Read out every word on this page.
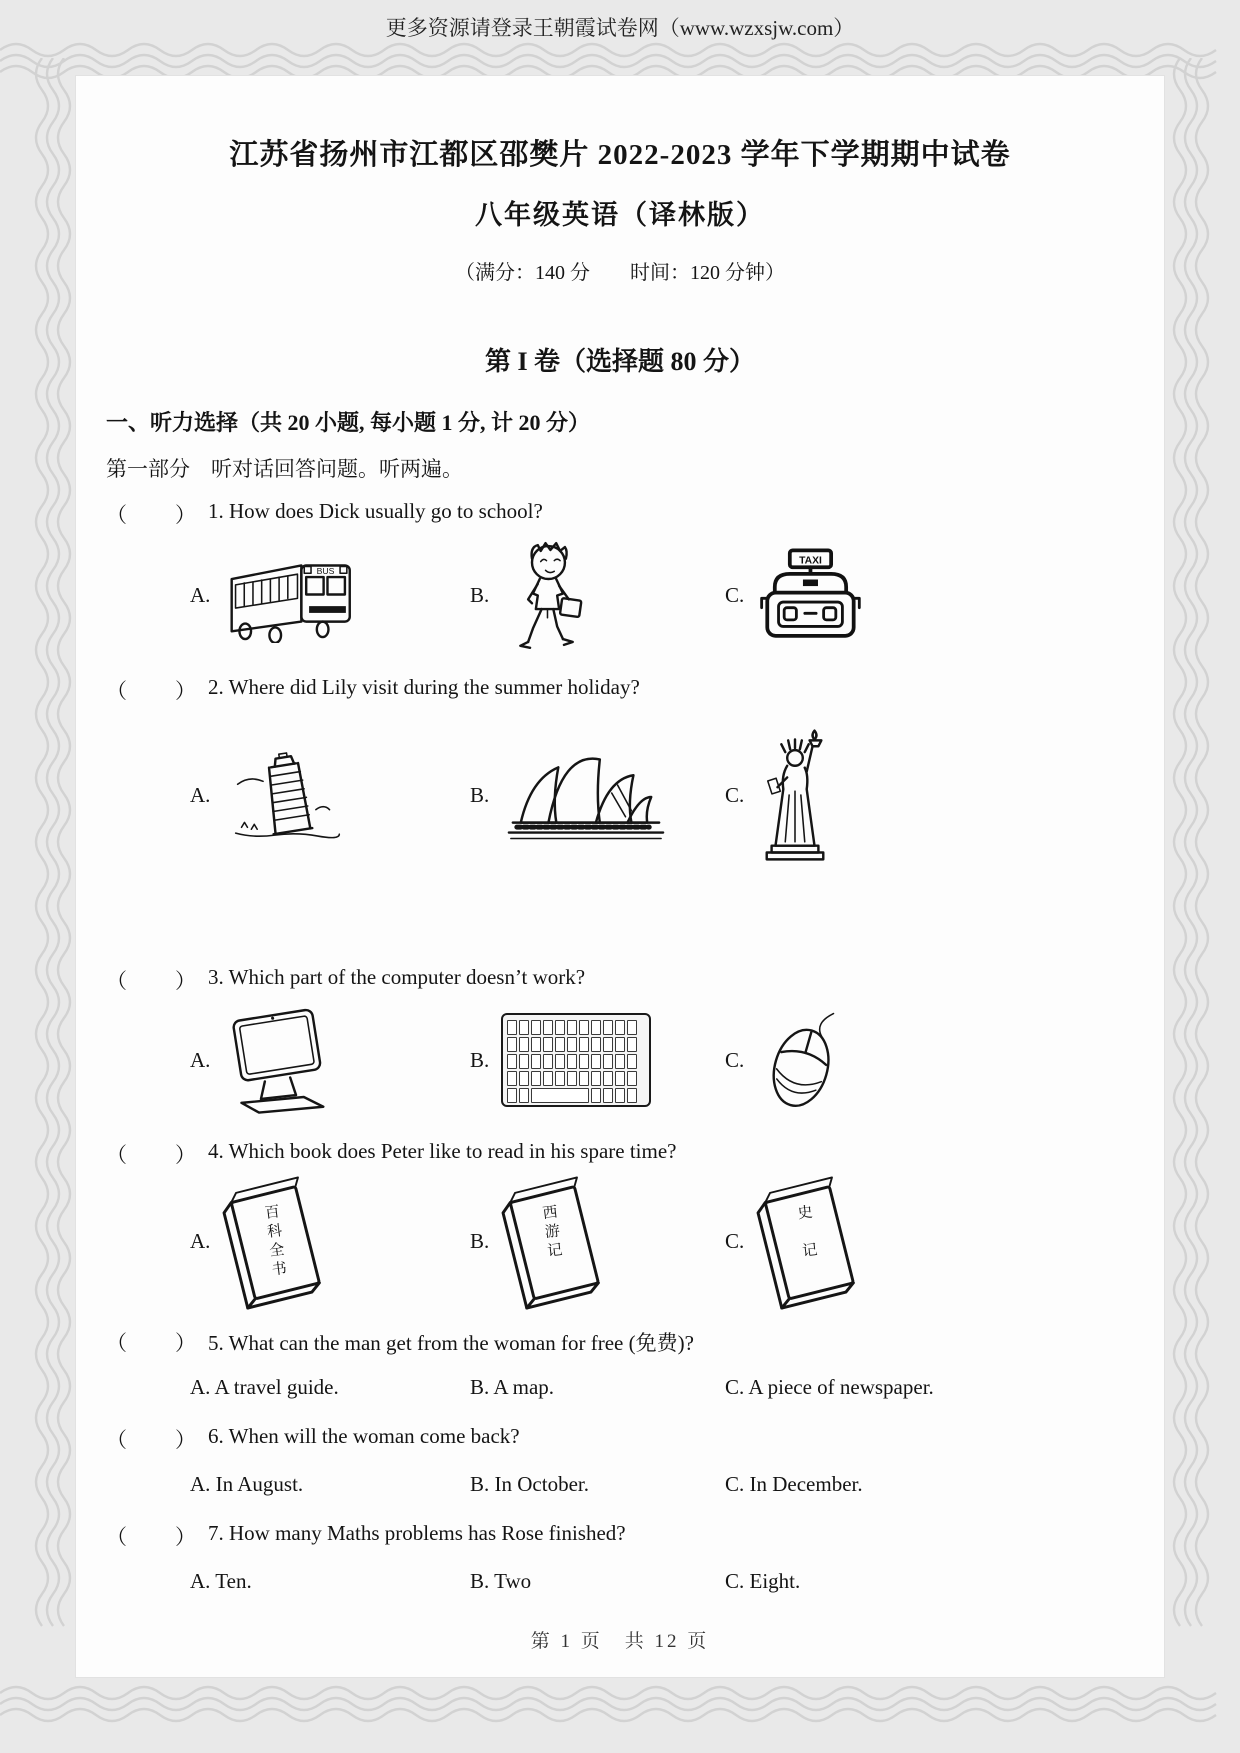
更多资源请登录王朝霞试卷网（www.wzxsjw.com）
江苏省扬州市江都区邵樊片 2022-2023 学年下学期期中试卷
八年级英语（译林版）
（满分：140 分　　时间：120 分钟）
第 I 卷（选择题 80 分）
一、听力选择（共 20 小题, 每小题 1 分, 计 20 分）
第一部分　听对话回答问题。听两遍。
（　　） 1. How does Dick usually go to school?
A.
BUS
B.	C.
TAXI
（　　） 2. Where did Lily visit during the summer holiday?
A.	B.	C.
（　　） 3. Which part of the computer doesn’t work?
A.	B.	C.
（　　） 4. Which book does Peter like to read in his spare time?
A.	百科全书	B.	西游记	C.	史　记
（　　） 5. What can the man get from the woman for free (免费)?
A. A travel guide.	B. A map.	C. A piece of newspaper.
（　　） 6. When will the woman come back?
A. In August.	B. In October.	C. In December.
（　　） 7. How many Maths problems has Rose finished?
A. Ten.	B. Two	C. Eight.
第 1 页　共 12 页
